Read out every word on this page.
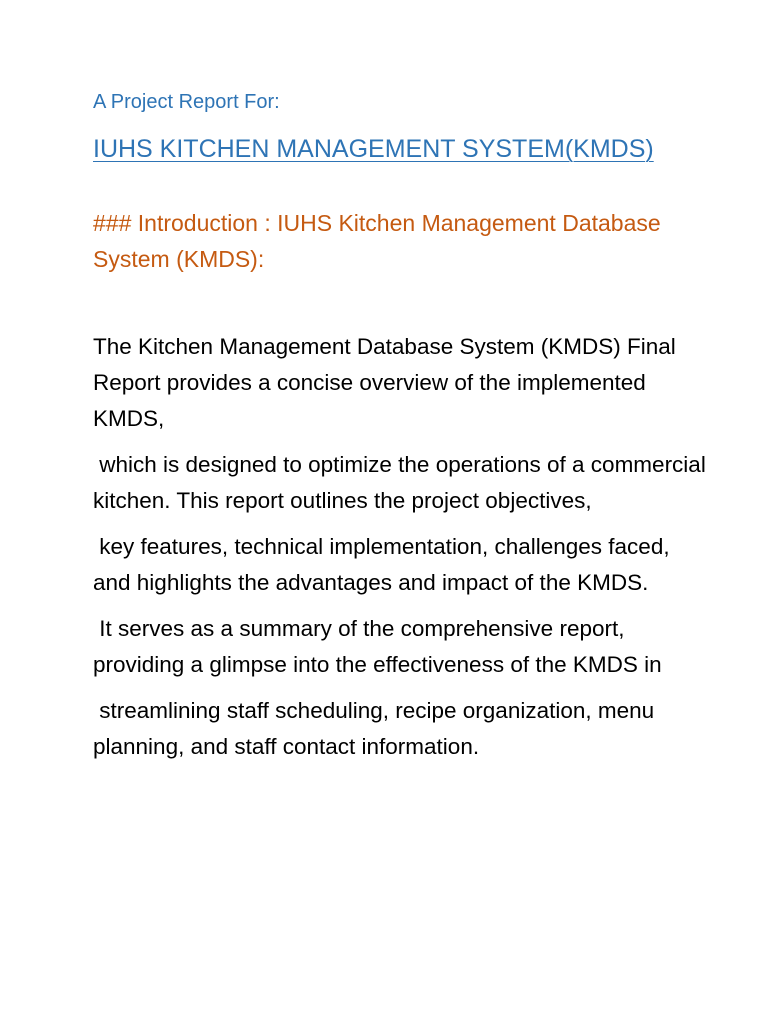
A Project Report For:
IUHS KITCHEN MANAGEMENT SYSTEM(KMDS)
### Introduction : IUHS Kitchen Management Database System (KMDS):

The Kitchen Management Database System (KMDS) Final Report provides a concise overview of the implemented KMDS,

which is designed to optimize the operations of a commercial kitchen. This report outlines the project objectives,

key features, technical implementation, challenges faced, and highlights the advantages and impact of the KMDS.

It serves as a summary of the comprehensive report, providing a glimpse into the effectiveness of the KMDS in

streamlining staff scheduling, recipe organization, menu planning, and staff contact information.
